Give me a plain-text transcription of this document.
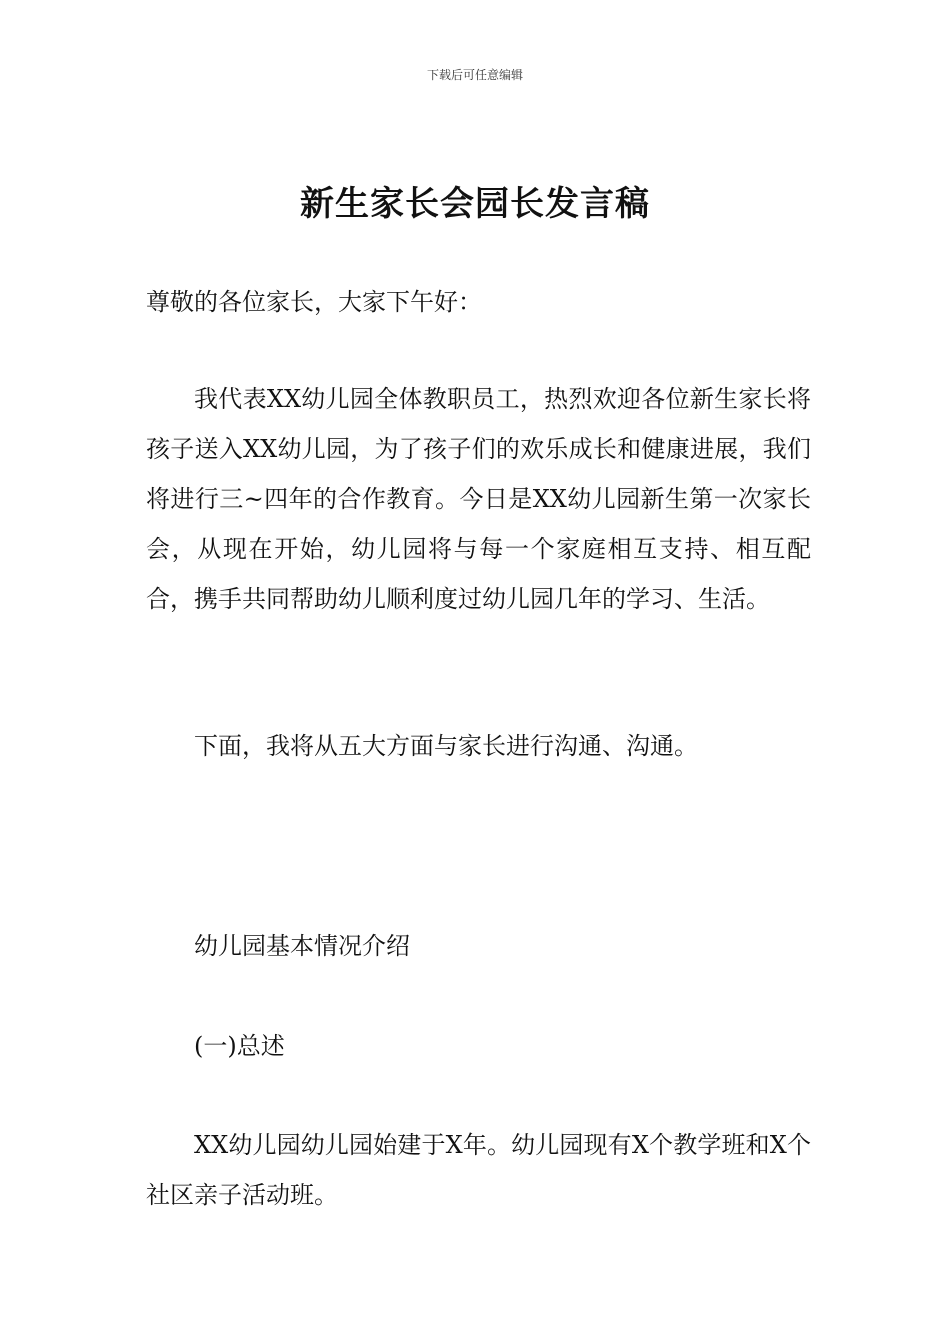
下载后可任意编辑
新生家长会园长发言稿
尊敬的各位家长，大家下午好：
我代表XX幼儿园全体教职员工，热烈欢迎各位新生家长将孩子送入XX幼儿园，为了孩子们的欢乐成长和健康进展，我们将进行三~四年的合作教育。今日是XX幼儿园新生第一次家长会，从现在开始，幼儿园将与每一个家庭相互支持、相互配合，携手共同帮助幼儿顺利度过幼儿园几年的学习、生活。
下面，我将从五大方面与家长进行沟通、沟通。
幼儿园基本情况介绍
(一)总述
XX幼儿园幼儿园始建于X年。幼儿园现有X个教学班和X个社区亲子活动班。
